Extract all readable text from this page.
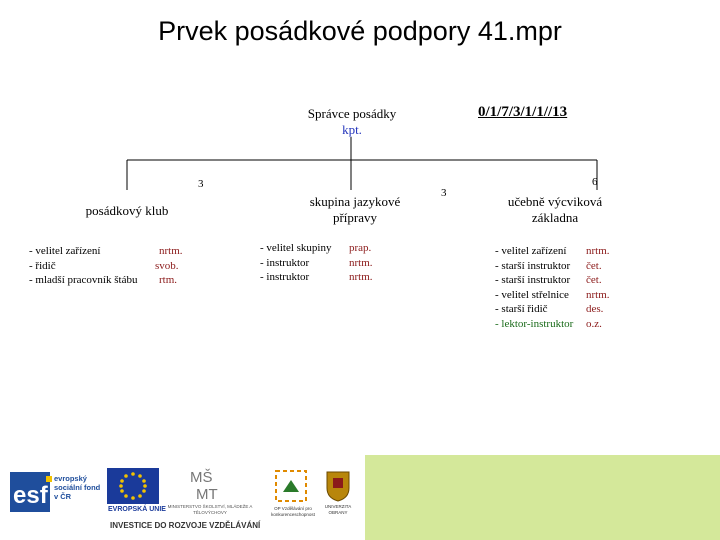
Prvek posádkové podpory 41.mpr
Správce posádky
kpt.
0/1/7/3/1/1//13
3
posádkový klub
- velitel zařízení	nrtm.
- řidič	svob.
- mladší pracovník štábu rtm.
3
skupina jazykové
přípravy
- velitel skupiny prap.
- instruktor	nrtm.
- instruktor	nrtm.
6
učebně výcviková
základna
- velitel zařízení nrtm.
- starší instruktor čet.
- starší instruktor čet.
- velitel střelnice nrtm.
- starší řidič	des.
- lektor-instruktor o.z.
esf
evropský sociální fond v ČR
EVROPSKÁ UNIE
MŠ
MT
MINISTERSTVO ŠKOLSTVÍ, MLÁDEŽE A TĚLOVÝCHOVY
OP Vzdělávání pro konkurenceschopnost
UNIVERZITA OBRANY
INVESTICE DO ROZVOJE VZDĚLÁVÁNÍ
